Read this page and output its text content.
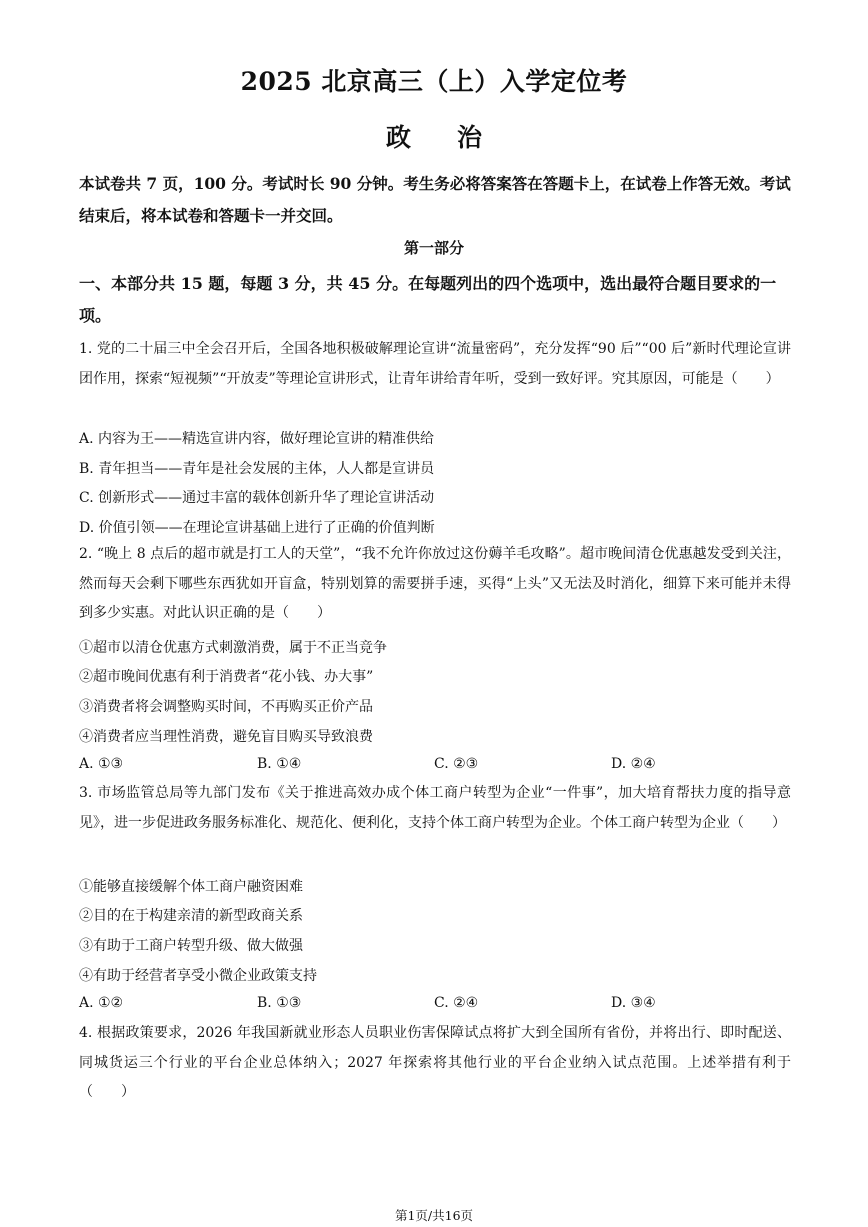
2025 北京高三（上）入学定位考
政治
本试卷共 7 页，100 分。考试时长 90 分钟。考生务必将答案答在答题卡上，在试卷上作答无效。考试结束后，将本试卷和答题卡一并交回。
第一部分
一、本部分共 15 题，每题 3 分，共 45 分。在每题列出的四个选项中，选出最符合题目要求的一项。
1. 党的二十届三中全会召开后，全国各地积极破解理论宣讲“流量密码”，充分发挥“90 后”“00 后”新时代理论宣讲团作用，探索“短视频”“开放麦”等理论宣讲形式，让青年讲给青年听，受到一致好评。究其原因，可能是（　　）
A. 内容为王——精选宣讲内容，做好理论宣讲的精准供给
B. 青年担当——青年是社会发展的主体，人人都是宣讲员
C. 创新形式——通过丰富的载体创新升华了理论宣讲活动
D. 价值引领——在理论宣讲基础上进行了正确的价值判断
2. “晚上 8 点后的超市就是打工人的天堂”，“我不允许你放过这份薅羊毛攻略”。超市晚间清仓优惠越发受到关注，然而每天会剩下哪些东西犹如开盲盒，特别划算的需要拼手速，买得“上头”又无法及时消化，细算下来可能并未得到多少实惠。对此认识正确的是（　　）
①超市以清仓优惠方式刺激消费，属于不正当竞争
②超市晚间优惠有利于消费者“花小钱、办大事”
③消费者将会调整购买时间，不再购买正价产品
④消费者应当理性消费，避免盲目购买导致浪费
A. ①③	B. ①④	C. ②③	D. ②④
3. 市场监管总局等九部门发布《关于推进高效办成个体工商户转型为企业“一件事”，加大培育帮扶力度的指导意见》，进一步促进政务服务标准化、规范化、便利化，支持个体工商户转型为企业。个体工商户转型为企业（　　）
①能够直接缓解个体工商户融资困难
②目的在于构建亲清的新型政商关系
③有助于工商户转型升级、做大做强
④有助于经营者享受小微企业政策支持
A. ①②	B. ①③	C. ②④	D. ③④
4. 根据政策要求，2026 年我国新就业形态人员职业伤害保障试点将扩大到全国所有省份，并将出行、即时配送、同城货运三个行业的平台企业总体纳入；2027 年探索将其他行业的平台企业纳入试点范围。上述举措有利于（　　）
第1页/共16页
